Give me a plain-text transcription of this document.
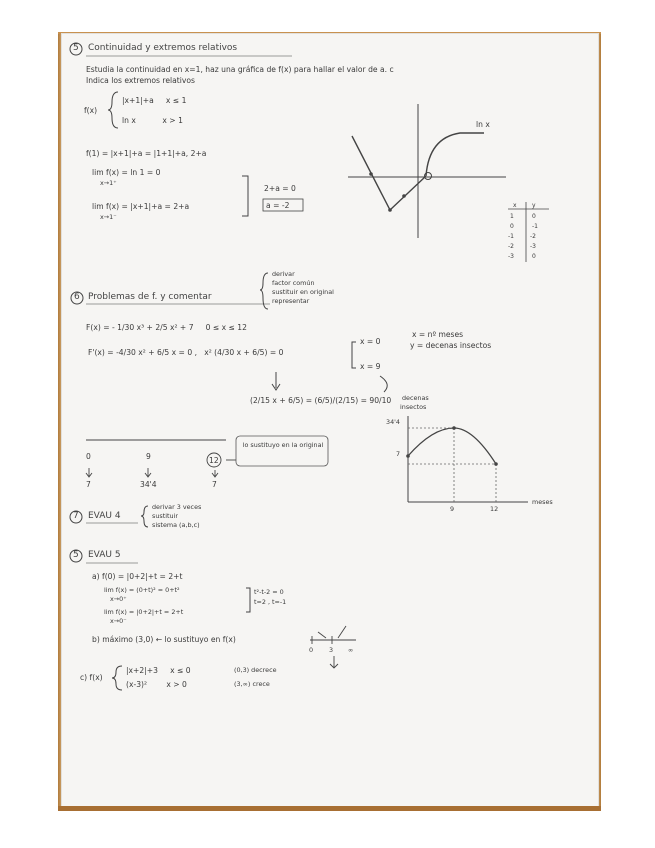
5 Continuidad y extremos relativos
Estudia la continuidad en x=1, haz una gráfica de f(x) para hallar el valor de a. c
Indica los extremos relativos
f(x)
|x+1|+a     x ≤ 1
ln x           x > 1
f(1) = |x+1|+a = |1+1|+a, 2+a
lim f(x) = ln 1 = 0
x→1⁺
lim f(x) = |x+1|+a = 2+a
x→1⁻
2+a = 0
a = -2
ln x
x	y
1	0
0	-1
-1	-2
-2	-3
-3	0
6 Problemas de f. y comentar
derivar
factor común
sustituir en original
representar
F(x) = - 1/30 x³ + 2/5 x² + 7     0 ≤ x ≤ 12
F'(x) = -4/30 x² + 6/5 x = 0 ,   x² (4/30 x + 6/5) = 0
x = 0
x = 9
(2/15 x + 6/5) = (6/5)/(2/15) = 90/10
x = nº meses
y = decenas insectos
0	9	12
7	34'4	7
lo sustituyo en la original
decenas
insectos
34'4
7
9	12
meses
7 EVAU 4
derivar 3 veces
sustituir
sistema (a,b,c)
5 EVAU 5
a) f(0) = |0+2|+t = 2+t
lim f(x) = (0+t)² = 0+t²
x→0⁺
lim f(x) = |0+2|+t = 2+t
x→0⁻
t²-t-2 = 0
t=2 , t=-1
b) máximo (3,0) ← lo sustituyo en f(x)
0 3 ∞
c) f(x)
|x+2|+3     x ≤ 0
(x-3)²        x > 0
(0,3) decrece
(3,∞) crece
